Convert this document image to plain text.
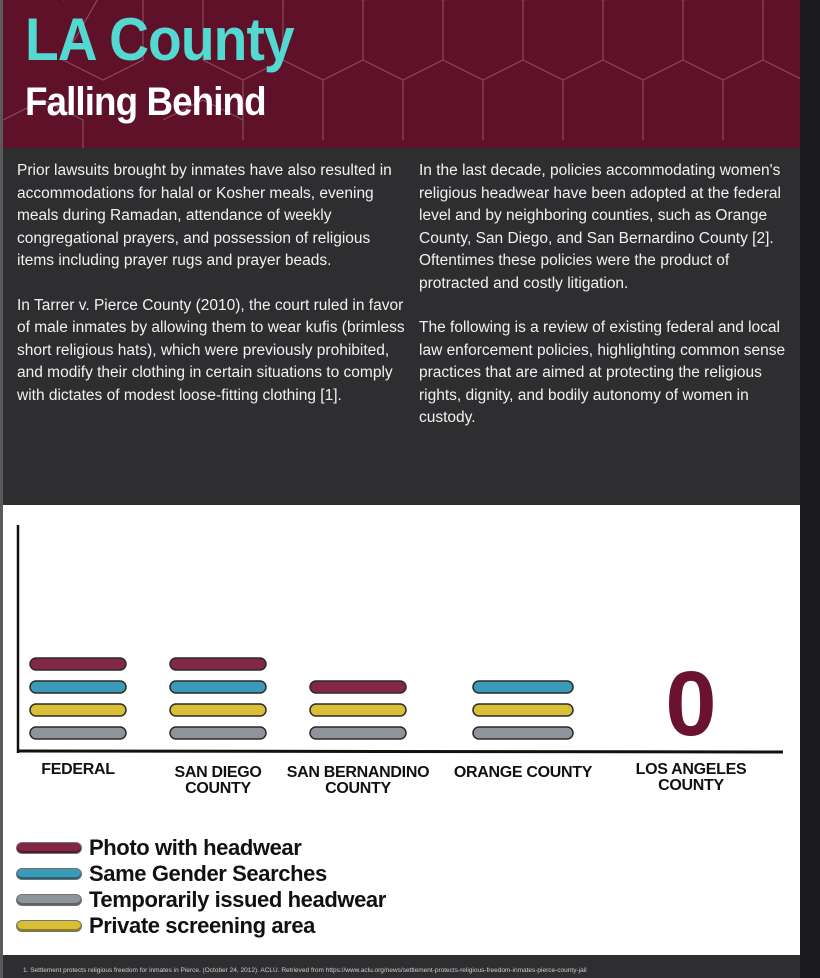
LA County
Falling Behind

Prior lawsuits brought by inmates have also resulted in accommodations for halal or Kosher meals, evening meals during Ramadan, attendance of weekly congregational prayers, and possession of religious items including prayer rugs and prayer beads.

In Tarrer v. Pierce County (2010), the court ruled in favor of male inmates by allowing them to wear kufis (brimless short religious hats), which were previously prohibited, and modify their clothing in certain situations to comply with dictates of modest loose-fitting clothing [1].

In the last decade, policies accommodating women's religious headwear have been adopted at the federal level and by neighboring counties, such as Orange County, San Diego, and San Bernardino County [2]. Oftentimes these policies were the product of protracted and costly litigation.

The following is a review of existing federal and local law enforcement policies, highlighting common sense practices that are aimed at protecting the religious rights, dignity, and bodily autonomy of women in custody.

0
FEDERAL	SAN DIEGO
COUNTY
SAN BERNANDINO
COUNTY
ORANGE COUNTY	LOS ANGELES
COUNTY
Photo with headwear
Same Gender Searches
Temporarily issued headwear
Private screening area
1. Settlement protects religious freedom for inmates in Pierce. (October 24, 2012). ACLU. Retrieved from https://www.aclu.org/news/settlement-protects-religious-freedom-inmates-pierce-county-jail
